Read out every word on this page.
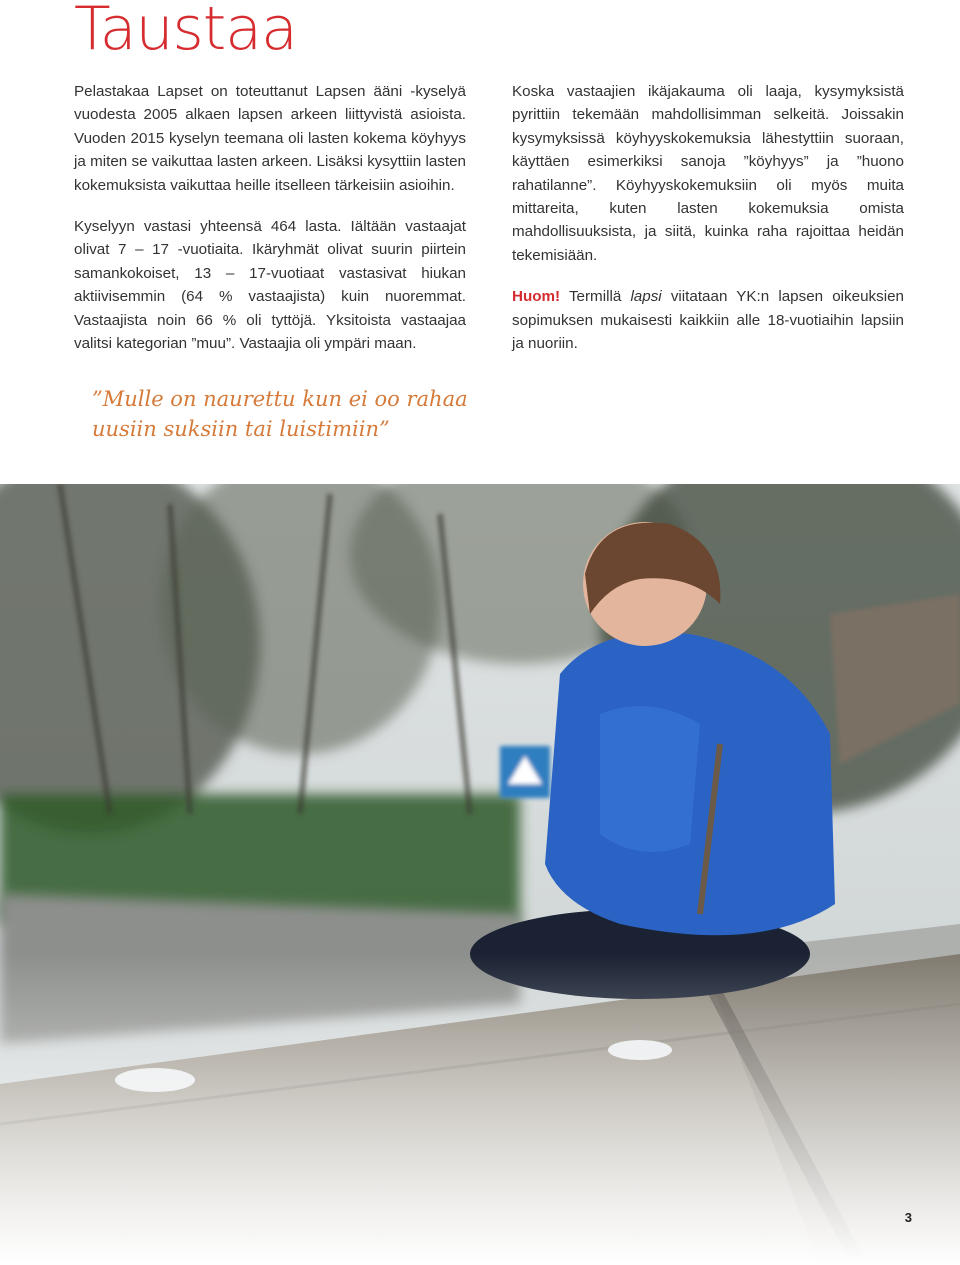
Taustaa

Pelastakaa Lapset on toteuttanut Lapsen ääni -kyselyä vuodesta 2005 alkaen lapsen arkeen liittyvistä asioista. Vuoden 2015 kyselyn teemana oli lasten kokema köyhyys ja miten se vaikuttaa lasten arkeen. Lisäksi kysyttiin lasten kokemuksista vaikuttaa heille itselleen tärkeisiin asioihin.

Kyselyyn vastasi yhteensä 464 lasta. Iältään vastaajat olivat 7 – 17 -vuotiaita. Ikäryhmät olivat suurin piirtein samankokoiset, 13 – 17-vuotiaat vastasivat hiukan aktiivisemmin (64 % vastaajista) kuin nuoremmat. Vastaajista noin 66 % oli tyttöjä. Yksitoista vastaajaa valitsi kategorian ”muu”. Vastaajia oli ympäri maan.

Koska vastaajien ikäjakauma oli laaja, kysymyksistä pyrittiin tekemään mahdollisimman selkeitä. Joissakin kysymyksissä köyhyyskokemuksia lähestyttiin suoraan, käyttäen esimerkiksi sanoja ”köyhyys” ja ”huono rahatilanne”. Köyhyyskokemuksiin oli myös muita mittareita, kuten lasten kokemuksia omista mahdollisuuksista, ja siitä, kuinka raha rajoittaa heidän tekemisiään.

Huom! Termillä lapsi viitataan YK:n lapsen oikeuksien sopimuksen mukaisesti kaikkiin alle 18-vuotiaihin lapsiin ja nuoriin.

”Mulle on naurettu kun ei oo rahaa uusiin suksiin tai luistimiin”

3
